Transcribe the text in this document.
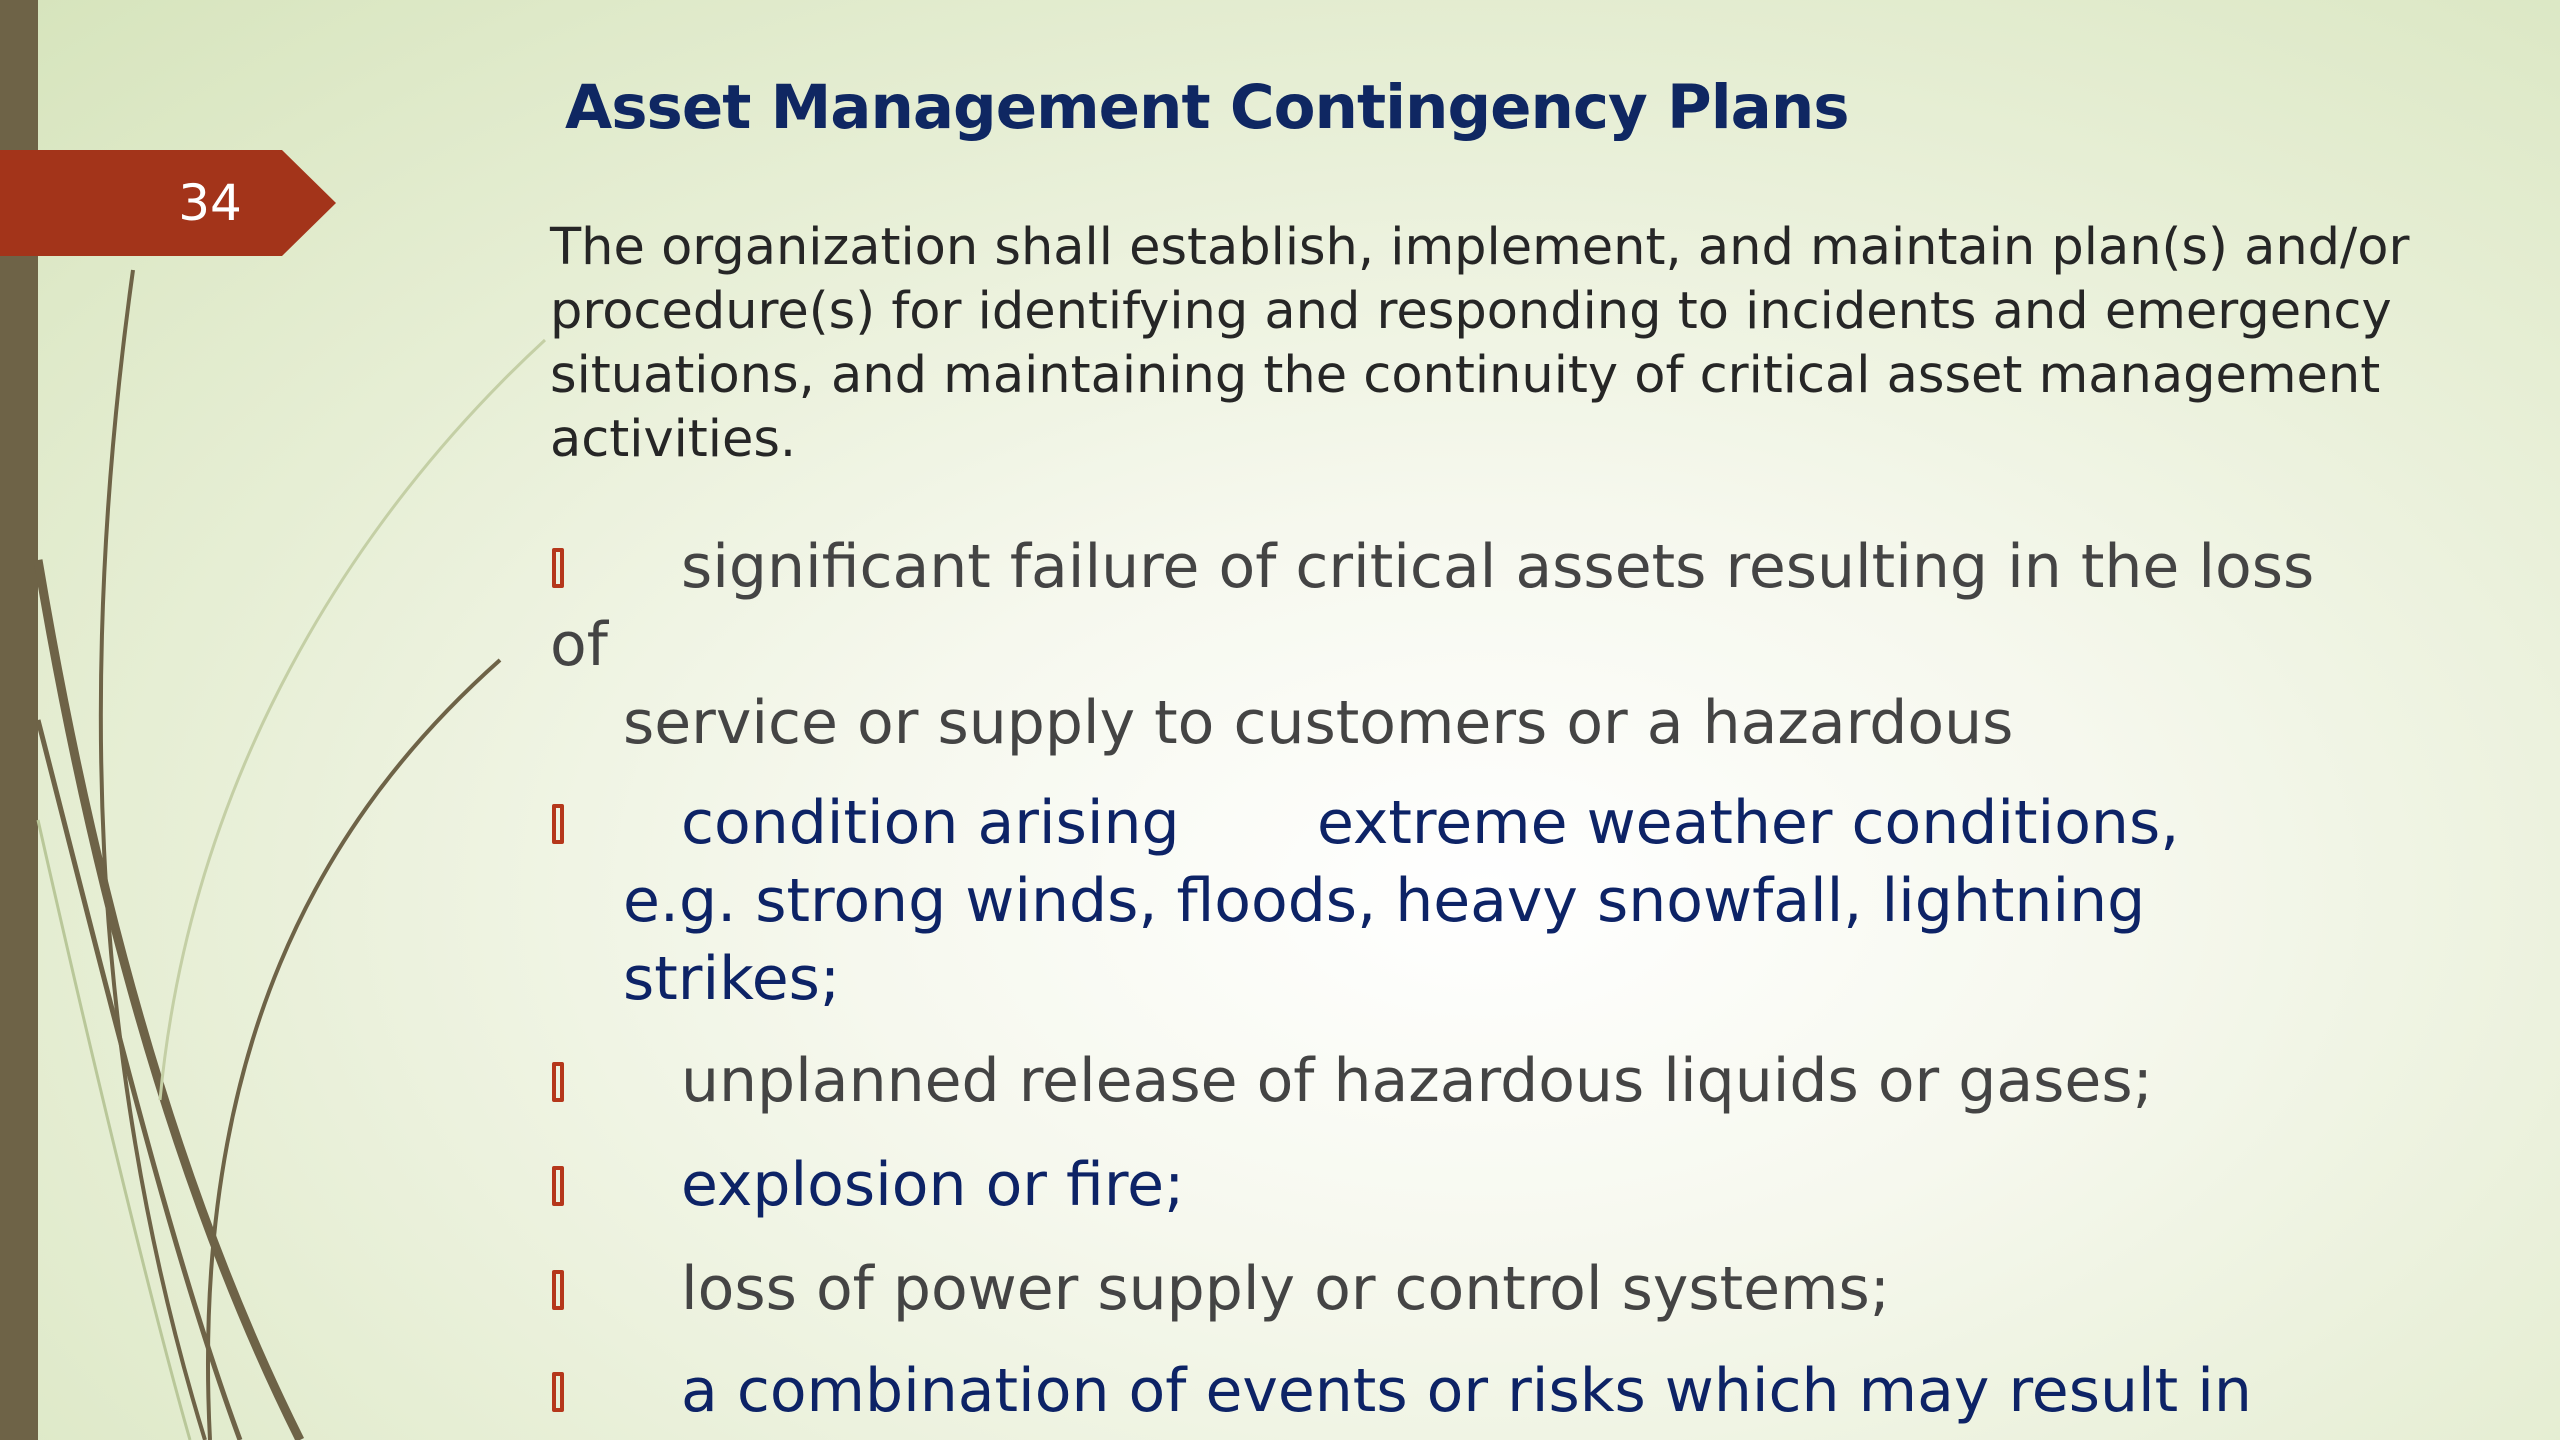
34
Asset Management Contingency Plans

The organization shall establish, implement, and maintain plan(s) and/or procedure(s) for identifying and responding to incidents and emergency situations, and maintaining the continuity of critical asset management activities.

significant failure of critical assets resulting in the loss
of
service or supply to customers or a hazardous
condition arising extreme weather conditions,
e.g. strong winds, floods, heavy snowfall, lightning
strikes;
unplanned release of hazardous liquids or gases;
explosion or fire;
loss of power supply or control systems;
a combination of events or risks which may result in
